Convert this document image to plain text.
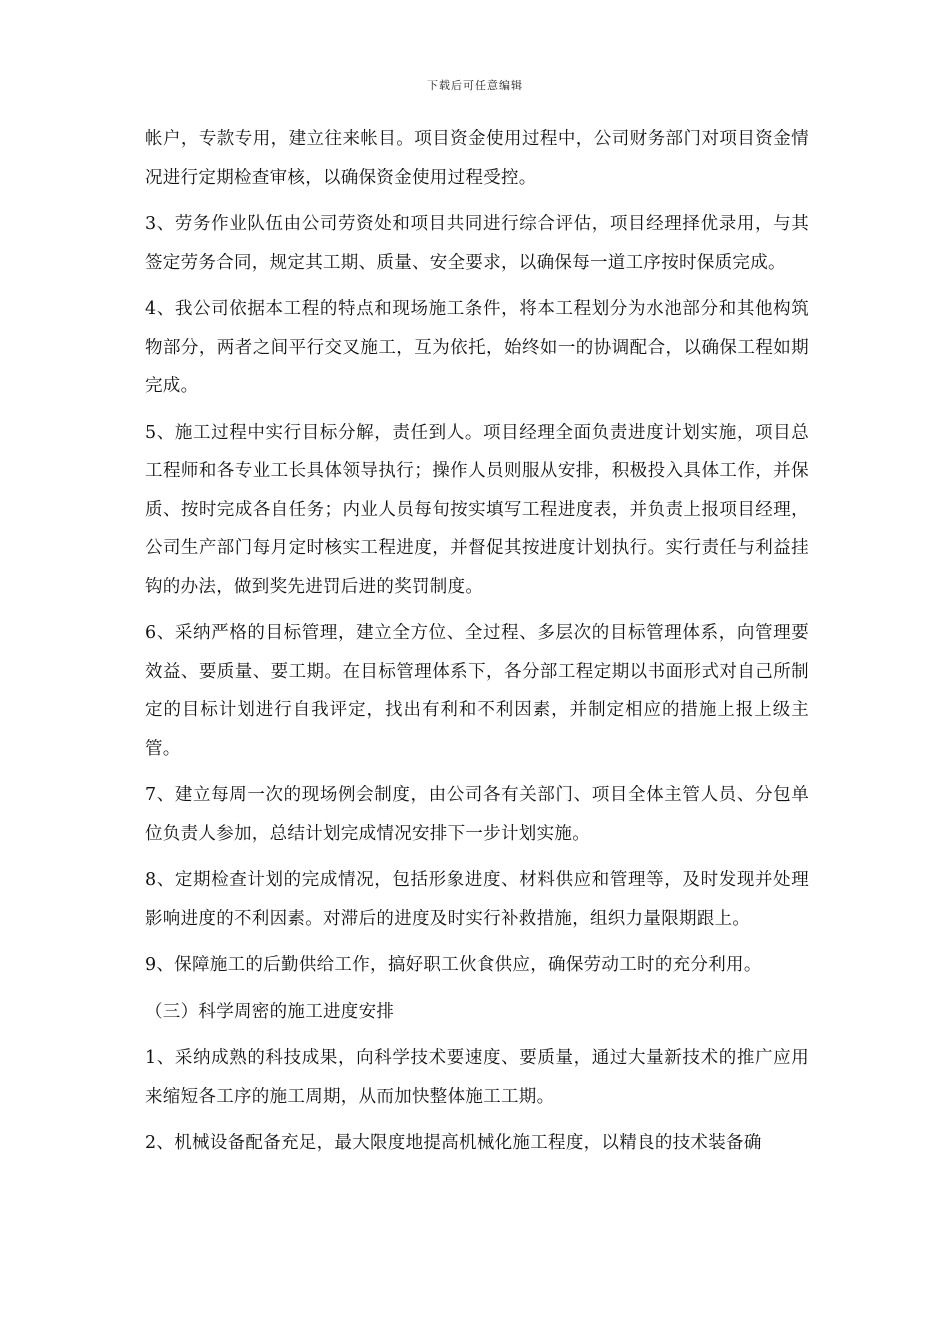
下载后可任意编辑

帐户，专款专用，建立往来帐目。项目资金使用过程中，公司财务部门对项目资金情况进行定期检查审核，以确保资金使用过程受控。

3、劳务作业队伍由公司劳资处和项目共同进行综合评估，项目经理择优录用，与其签定劳务合同，规定其工期、质量、安全要求，以确保每一道工序按时保质完成。

4、我公司依据本工程的特点和现场施工条件，将本工程划分为水池部分和其他构筑物部分，两者之间平行交叉施工，互为依托，始终如一的协调配合，以确保工程如期完成。

5、施工过程中实行目标分解，责任到人。项目经理全面负责进度计划实施，项目总工程师和各专业工长具体领导执行；操作人员则服从安排，积极投入具体工作，并保质、按时完成各自任务；内业人员每旬按实填写工程进度表，并负责上报项目经理，公司生产部门每月定时核实工程进度，并督促其按进度计划执行。实行责任与利益挂钩的办法，做到奖先进罚后进的奖罚制度。

6、采纳严格的目标管理，建立全方位、全过程、多层次的目标管理体系，向管理要效益、要质量、要工期。在目标管理体系下，各分部工程定期以书面形式对自己所制定的目标计划进行自我评定，找出有利和不利因素，并制定相应的措施上报上级主管。

7、建立每周一次的现场例会制度，由公司各有关部门、项目全体主管人员、分包单位负责人参加，总结计划完成情况安排下一步计划实施。

8、定期检查计划的完成情况，包括形象进度、材料供应和管理等，及时发现并处理影响进度的不利因素。对滞后的进度及时实行补救措施，组织力量限期跟上。

9、保障施工的后勤供给工作，搞好职工伙食供应，确保劳动工时的充分利用。

（三）科学周密的施工进度安排

1、采纳成熟的科技成果，向科学技术要速度、要质量，通过大量新技术的推广应用来缩短各工序的施工周期，从而加快整体施工工期。

2、机械设备配备充足，最大限度地提高机械化施工程度，以精良的技术装备确
